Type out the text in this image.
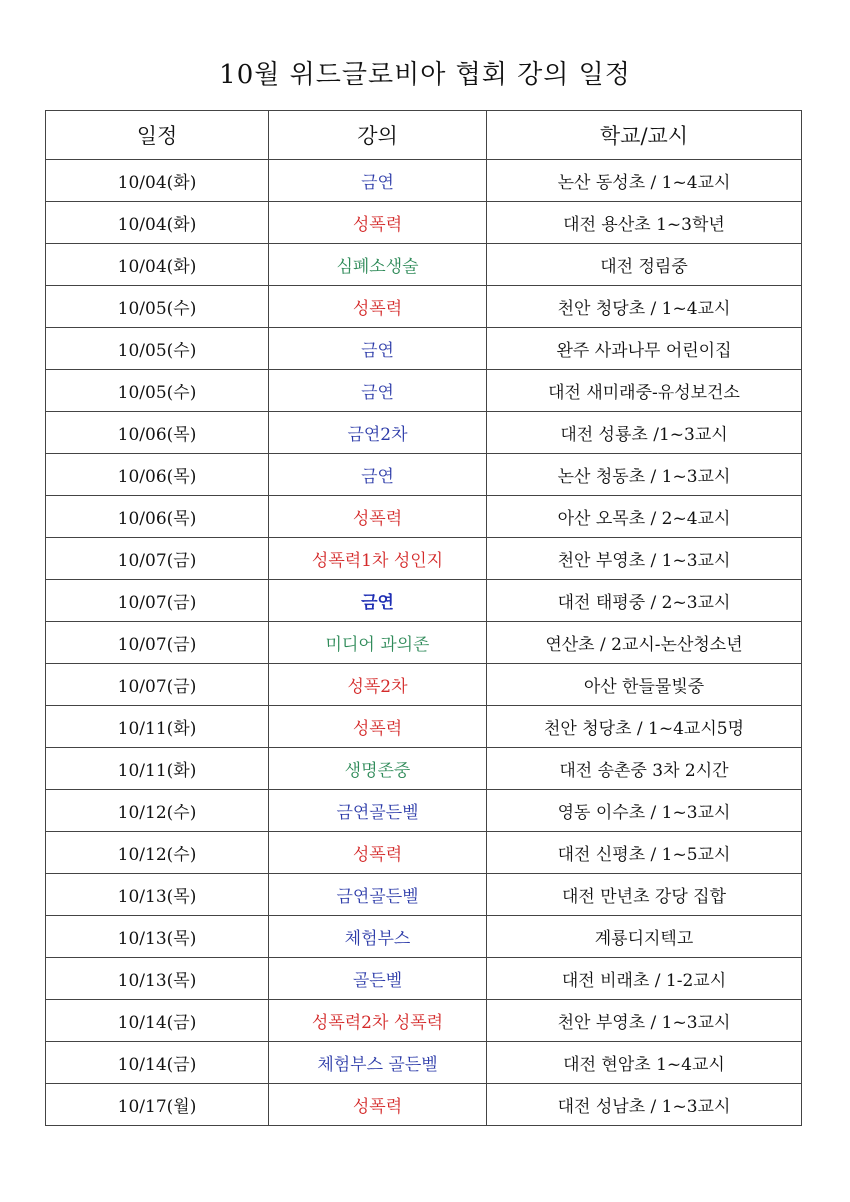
10월 위드글로비아 협회 강의 일정
일정	강의	학교/교시
10/04(화)	금연	논산 동성초 / 1~4교시
10/04(화)	성폭력	대전 용산초 1~3학년
10/04(화)	심폐소생술	대전 정림중
10/05(수)	성폭력	천안 청당초 / 1~4교시
10/05(수)	금연	완주 사과나무 어린이집
10/05(수)	금연	대전 새미래중-유성보건소
10/06(목)	금연2차	대전 성룡초 /1~3교시
10/06(목)	금연	논산 청동초 / 1~3교시
10/06(목)	성폭력	아산 오목초 / 2~4교시
10/07(금)	성폭력1차 성인지	천안 부영초 / 1~3교시
10/07(금)	금연	대전 태평중 / 2~3교시
10/07(금)	미디어 과의존	연산초 / 2교시-논산청소년
10/07(금)	성폭2차	아산 한들물빛중
10/11(화)	성폭력	천안 청당초 / 1~4교시5명
10/11(화)	생명존중	대전 송촌중 3차 2시간
10/12(수)	금연골든벨	영동 이수초 / 1~3교시
10/12(수)	성폭력	대전 신평초 / 1~5교시
10/13(목)	금연골든벨	대전 만년초 강당 집합
10/13(목)	체험부스	계룡디지텍고
10/13(목)	골든벨	대전 비래초 / 1-2교시
10/14(금)	성폭력2차 성폭력	천안 부영초 / 1~3교시
10/14(금)	체험부스 골든벨	대전 현암초 1~4교시
10/17(월)	성폭력	대전 성남초 / 1~3교시
